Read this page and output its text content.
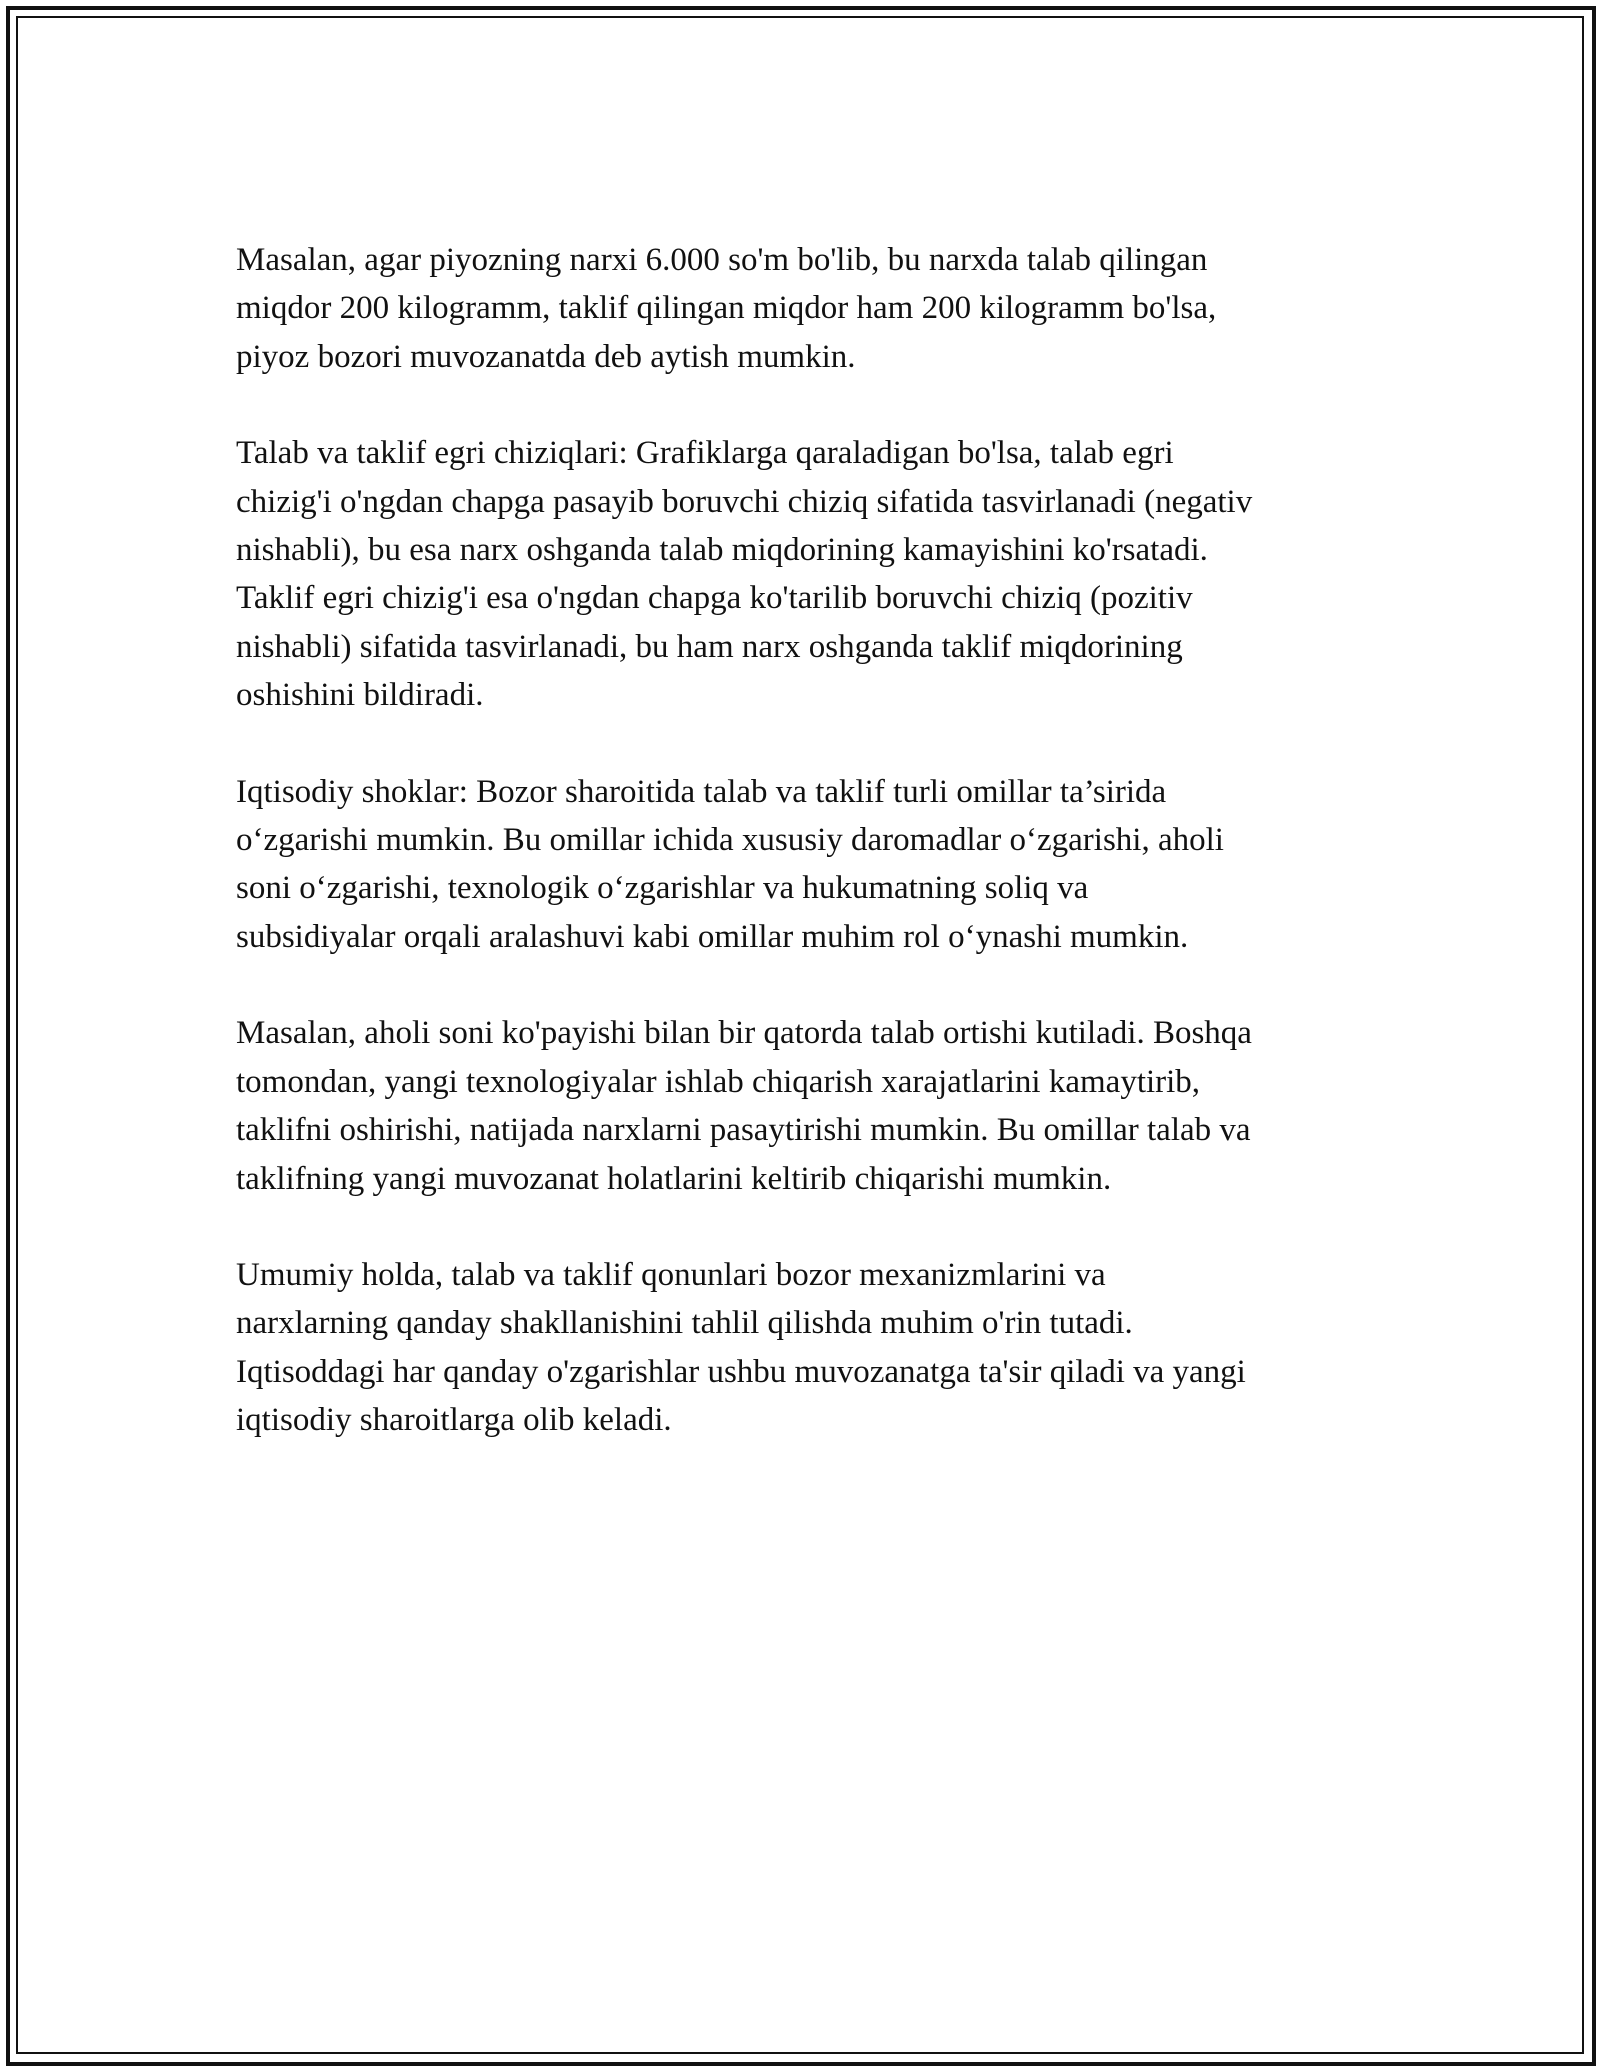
Masalan, agar piyozning narxi 6.000 so'm bo'lib, bu narxda talab qilingan
miqdor 200 kilogramm, taklif qilingan miqdor ham 200 kilogramm bo'lsa,
piyoz bozori muvozanatda deb aytish mumkin.

Talab va taklif egri chiziqlari: Grafiklarga qaraladigan bo'lsa, talab egri
chizig'i o'ngdan chapga pasayib boruvchi chiziq sifatida tasvirlanadi (negativ
nishabli), bu esa narx oshganda talab miqdorining kamayishini ko'rsatadi.
Taklif egri chizig'i esa o'ngdan chapga ko'tarilib boruvchi chiziq (pozitiv
nishabli) sifatida tasvirlanadi, bu ham narx oshganda taklif miqdorining
oshishini bildiradi.

Iqtisodiy shoklar: Bozor sharoitida talab va taklif turli omillar ta’sirida
o‘zgarishi mumkin. Bu omillar ichida xususiy daromadlar o‘zgarishi, aholi
soni o‘zgarishi, texnologik o‘zgarishlar va hukumatning soliq va
subsidiyalar orqali aralashuvi kabi omillar muhim rol o‘ynashi mumkin.

Masalan, aholi soni ko'payishi bilan bir qatorda talab ortishi kutiladi. Boshqa
tomondan, yangi texnologiyalar ishlab chiqarish xarajatlarini kamaytirib,
taklifni oshirishi, natijada narxlarni pasaytirishi mumkin. Bu omillar talab va
taklifning yangi muvozanat holatlarini keltirib chiqarishi mumkin.

Umumiy holda, talab va taklif qonunlari bozor mexanizmlarini va
narxlarning qanday shakllanishini tahlil qilishda muhim o'rin tutadi.
Iqtisoddagi har qanday o'zgarishlar ushbu muvozanatga ta'sir qiladi va yangi
iqtisodiy sharoitlarga olib keladi.
